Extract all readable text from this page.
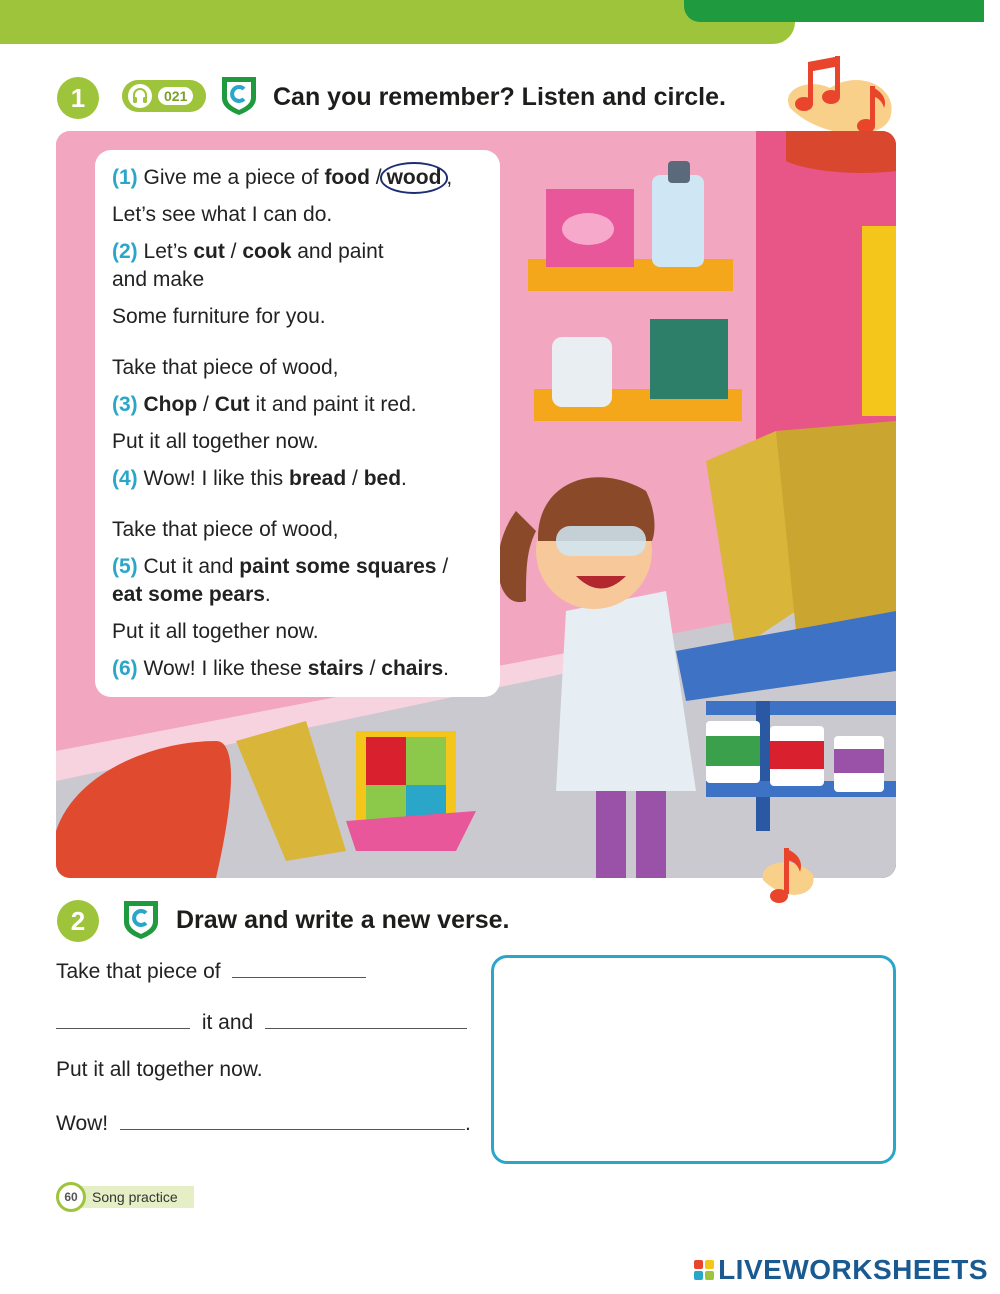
1	021	Can you remember? Listen and circle.
(1) Give me a piece of food / wood ,
Let’s see what I can do.
(2) Let’s cut / cook and paint
and make
Some furniture for you.
Take that piece of wood,
(3) Chop / Cut it and paint it red.
Put it all together now.
(4) Wow! I like this bread / bed.
Take that piece of wood,
(5) Cut it and paint some squares /
eat some pears.
Put it all together now.
(6) Wow! I like these stairs / chairs.
2	Draw and write a new verse.
Take that piece of
it and
Put it all together now.
Wow!	.
60	Song practice
LIVEWORKSHEETS
